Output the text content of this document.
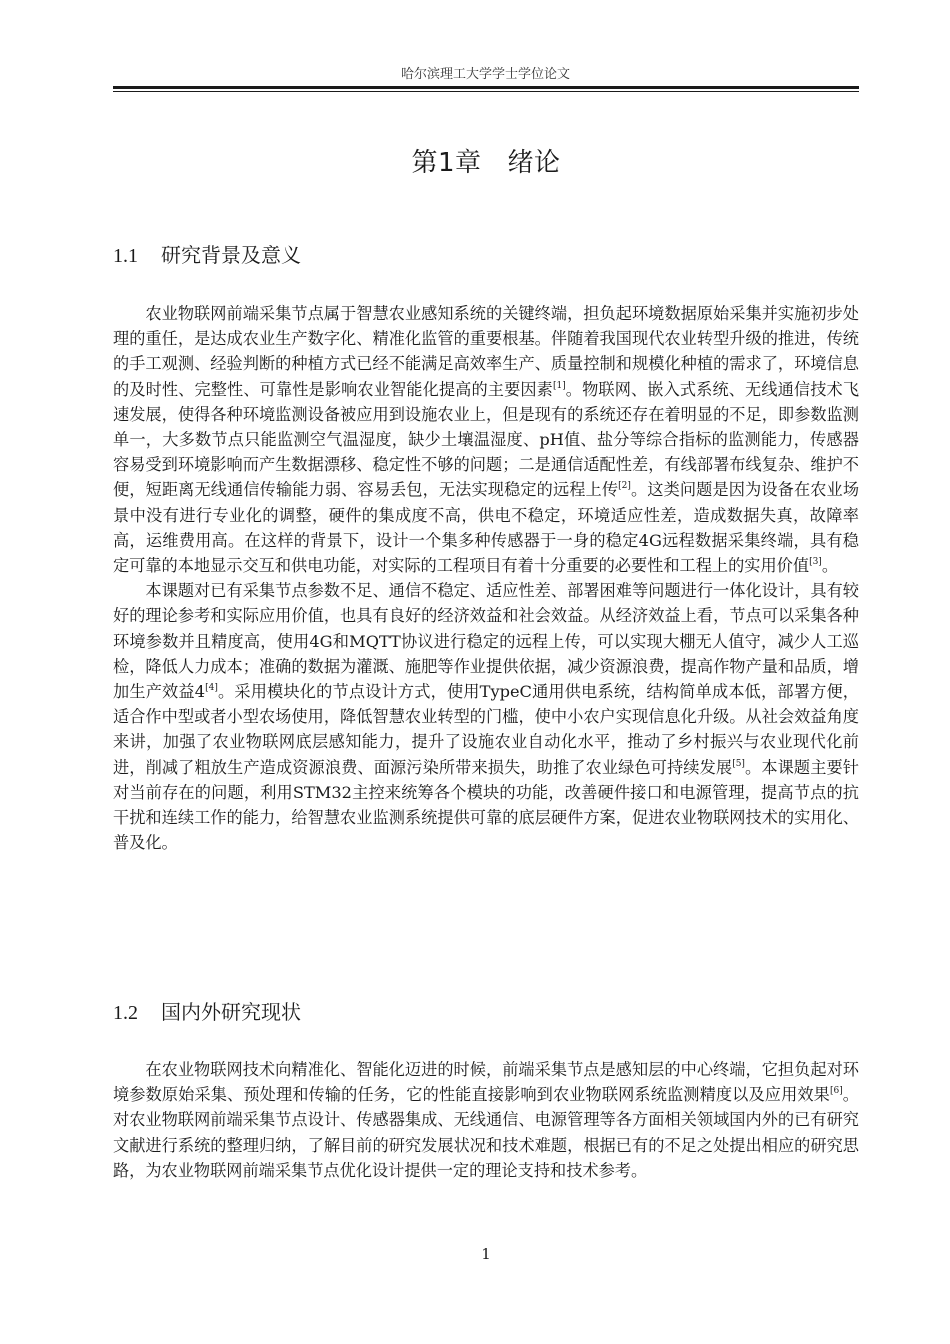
哈尔滨理工大学学士学位论文
第1章 绪论
1.1 研究背景及意义

农业物联网前端采集节点属于智慧农业感知系统的关键终端，担负起环境数据原始采集并实施初步处理的重任，是达成农业生产数字化、精准化监管的重要根基。伴随着我国现代农业转型升级的推进，传统的手工观测、经验判断的种植方式已经不能满足高效率生产、质量控制和规模化种植的需求了，环境信息的及时性、完整性、可靠性是影响农业智能化提高的主要因素[1]。物联网、嵌入式系统、无线通信技术飞速发展，使得各种环境监测设备被应用到设施农业上，但是现有的系统还存在着明显的不足，即参数监测单一，大多数节点只能监测空气温湿度，缺少土壤温湿度、pH值、盐分等综合指标的监测能力，传感器容易受到环境影响而产生数据漂移、稳定性不够的问题；二是通信适配性差，有线部署布线复杂、维护不便，短距离无线通信传输能力弱、容易丢包，无法实现稳定的远程上传[2]。这类问题是因为设备在农业场景中没有进行专业化的调整，硬件的集成度不高，供电不稳定，环境适应性差，造成数据失真，故障率高，运维费用高。在这样的背景下，设计一个集多种传感器于一身的稳定4G远程数据采集终端，具有稳定可靠的本地显示交互和供电功能，对实际的工程项目有着十分重要的必要性和工程上的实用价值[3]。

本课题对已有采集节点参数不足、通信不稳定、适应性差、部署困难等问题进行一体化设计，具有较好的理论参考和实际应用价值，也具有良好的经济效益和社会效益。从经济效益上看，节点可以采集各种环境参数并且精度高，使用4G和MQTT协议进行稳定的远程上传，可以实现大棚无人值守，减少人工巡检，降低人力成本；准确的数据为灌溉、施肥等作业提供依据，减少资源浪费，提高作物产量和品质，增加生产效益4[4]。采用模块化的节点设计方式，使用TypeC通用供电系统，结构简单成本低，部署方便，适合作中型或者小型农场使用，降低智慧农业转型的门槛，使中小农户实现信息化升级。从社会效益角度来讲，加强了农业物联网底层感知能力，提升了设施农业自动化水平，推动了乡村振兴与农业现代化前进，削减了粗放生产造成资源浪费、面源污染所带来损失，助推了农业绿色可持续发展[5]。本课题主要针对当前存在的问题，利用STM32主控来统筹各个模块的功能，改善硬件接口和电源管理，提高节点的抗干扰和连续工作的能力，给智慧农业监测系统提供可靠的底层硬件方案，促进农业物联网技术的实用化、普及化。

1.2 国内外研究现状

在农业物联网技术向精准化、智能化迈进的时候，前端采集节点是感知层的中心终端，它担负起对环境参数原始采集、预处理和传输的任务，它的性能直接影响到农业物联网系统监测精度以及应用效果[6]。对农业物联网前端采集节点设计、传感器集成、无线通信、电源管理等各方面相关领域国内外的已有研究文献进行系统的整理归纳，了解目前的研究发展状况和技术难题，根据已有的不足之处提出相应的研究思路，为农业物联网前端采集节点优化设计提供一定的理论支持和技术参考。

1
